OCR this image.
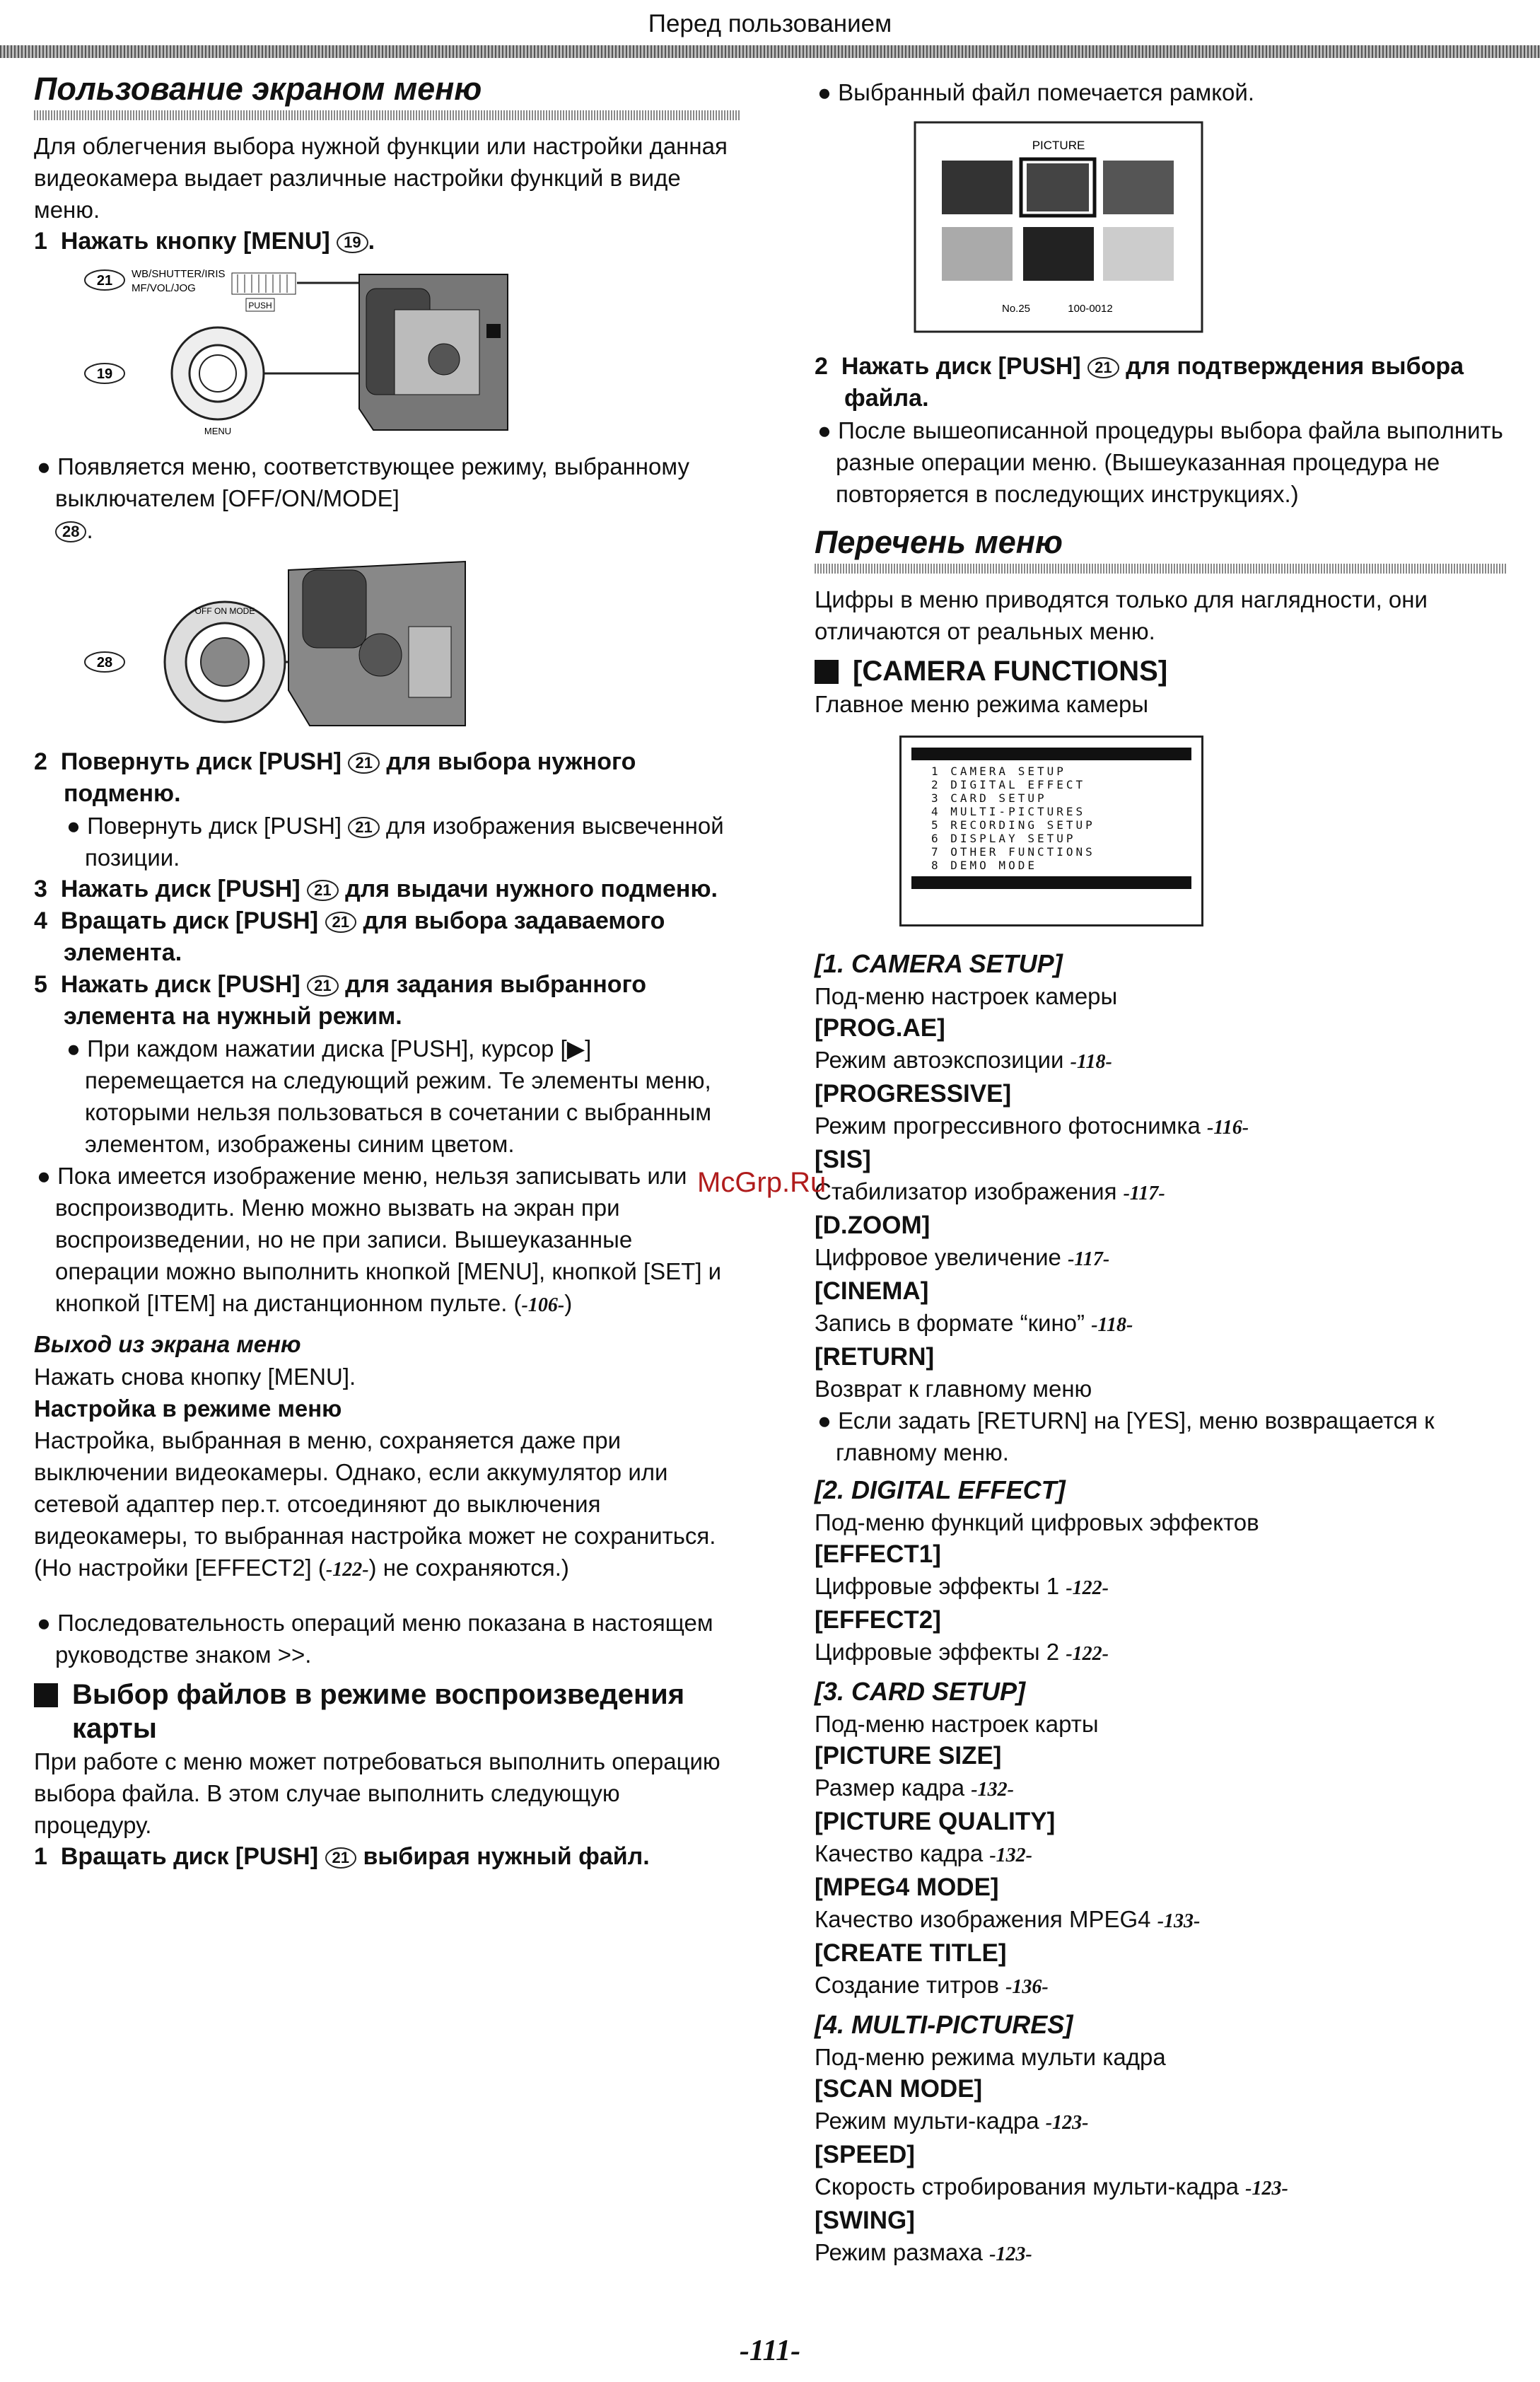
Перед пользованием
Пользование экраном меню

Для облегчения выбора нужной функции или настройки данная видеокамера выдает различные настройки функций в виде меню.

1 Нажать кнопку [MENU] 19 .

21 WB/SHUTTER/IRIS
MF/VOL/JOG
PUSH
19
MENU

● Появляется меню, соответствующее режиму, выбранному выключателем [OFF/ON/MODE]
28 .

28
OFF ON MODE

2 Повернуть диск [PUSH] 21 для выбора нужного подменю.

● Повернуть диск [PUSH] 21 для изображения высвеченной позиции.

3 Нажать диск [PUSH] 21 для выдачи нужного подменю.

4 Вращать диск [PUSH] 21 для выбора задаваемого элемента.

5 Нажать диск [PUSH] 21 для задания выбранного элемента на нужный режим.

● При каждом нажатии диска [PUSH], курсор [▶] перемещается на следующий режим. Те элементы меню, которыми нельзя пользоваться в сочетании с выбранным элементом, изображены синим цветом.

● Пока имеется изображение меню, нельзя записывать или воспроизводить. Меню можно вызвать на экран при воспроизведении, но не при записи. Вышеуказанные операции можно выполнить кнопкой [MENU], кнопкой [SET] и кнопкой [ITEM] на дистанционном пульте. (-106-)

Выход из экрана меню

Нажать снова кнопку [MENU].

Настройка в режиме меню

Настройка, выбранная в меню, сохраняется даже при выключении видеокамеры. Однако, если аккумулятор или сетевой адаптер пер.т. отсоединяют до выключения видеокамеры, то выбранная настройка может не сохраниться. (Но настройки [EFFECT2] (-122-) не сохраняются.)

● Последовательность операций меню показана в настоящем руководстве знаком >>.

Выбор файлов в режиме воспроизведения карты

При работе с меню может потребоваться выполнить операцию выбора файла. В этом случае выполнить следующую процедуру.

1 Вращать диск [PUSH] 21 выбирая нужный файл.

● Выбранный файл помечается рамкой.

PICTURE
No.25	100-0012

2 Нажать диск [PUSH] 21 для подтверждения выбора файла.

● После вышеописанной процедуры выбора файла выполнить разные операции меню. (Вышеуказанная процедура не повторяется в последующих инструкциях.)

Перечень меню

Цифры в меню приводятся только для наглядности, они отличаются от реальных меню.

[CAMERA FUNCTIONS]

Главное меню режима камеры

1 CAMERA SETUP
2 DIGITAL EFFECT
3 CARD SETUP
4 MULTI-PICTURES
5 RECORDING SETUP
6 DISPLAY SETUP
7 OTHER FUNCTIONS
8 DEMO MODE

[1. CAMERA SETUP]

Под-меню настроек камеры

[PROG.AE]

Режим автоэкспозиции -118-

[PROGRESSIVE]

Режим прогрессивного фотоснимка -116-

[SIS]

Стабилизатор изображения -117-

[D.ZOOM]

Цифровое увеличение -117-

[CINEMA]

Запись в формате “кино” -118-

[RETURN]

Возврат к главному меню

● Если задать [RETURN] на [YES], меню возвращается к главному меню.

[2. DIGITAL EFFECT]

Под-меню функций цифровых эффектов

[EFFECT1]

Цифровые эффекты 1 -122-

[EFFECT2]

Цифровые эффекты 2 -122-

[3. CARD SETUP]

Под-меню настроек карты

[PICTURE SIZE]

Размер кадра -132-

[PICTURE QUALITY]

Качество кадра -132-

[MPEG4 MODE]

Качество изображения MPEG4 -133-

[CREATE TITLE]

Создание титров -136-

[4. MULTI-PICTURES]

Под-меню режима мульти кадра

[SCAN MODE]

Режим мульти-кадра -123-

[SPEED]

Скорость стробирования мульти-кадра -123-

[SWING]

Режим размаха -123-

McGrp.Ru
-111-
